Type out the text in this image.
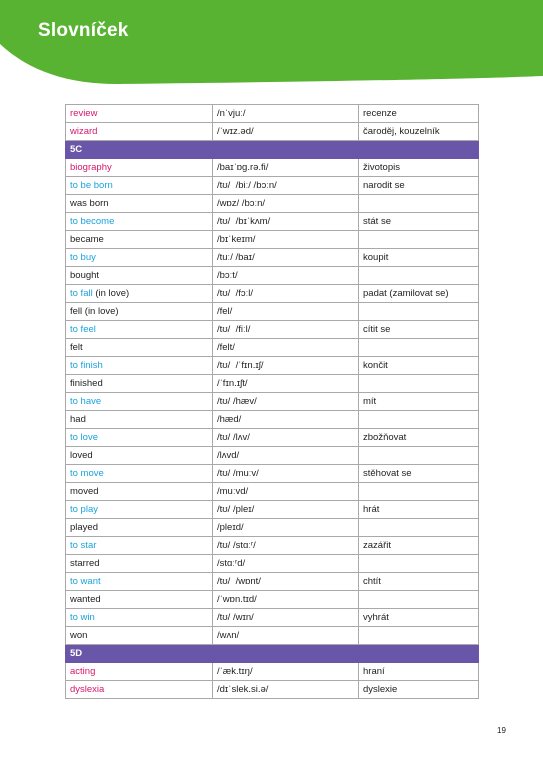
Slovníček
review	/nˈvjuː/	recenze
wizard	/ˈwɪz.əd/	čaroděj, kouzelník
5C		
biography	/baɪˈɒg.rə.fi/	životopis
to be born	/tʊ/  /biː/ /bɔːn/	narodit se
was born	/wɒz/ /bɔːn/	
to become	/tʊ/  /bɪˈkʌm/	stát se
became	/bɪˈkeɪm/	
to buy	/tuː/ /baɪ/	koupit
bought	/bɔːt/	
to fall (in love)	/tʊ/  /fɔːl/	padat (zamilovat se)
fell (in love)	/fel/	
to feel	/tʊ/  /fiːl/	cítit se
felt	/felt/	
to finish	/tʊ/  /ˈfɪn.ɪʃ/	končit
finished	/ˈfɪn.ɪʃt/	
to have	/tʊ/ /hæv/	mít
had	/hæd/	
to love	/tʊ/ /lʌv/	zbožňovat
loved	/lʌvd/	
to move	/tʊ/ /muːv/	stěhovat se
moved	/muːvd/	
to play	/tʊ/ /pleɪ/	hrát
played	/pleɪd/	
to star	/tʊ/ /stɑːʳ/	zazářit
starred	/stɑːʳd/	
to want	/tʊ/  /wɒnt/	chtít
wanted	/ˈwɒn.tɪd/	
to win	/tʊ/ /wɪn/	vyhrát
won	/wʌn/	
5D		
acting	/ˈæk.tɪŋ/	hraní
dyslexia	/dɪˈslek.si.ə/	dyslexie
19
